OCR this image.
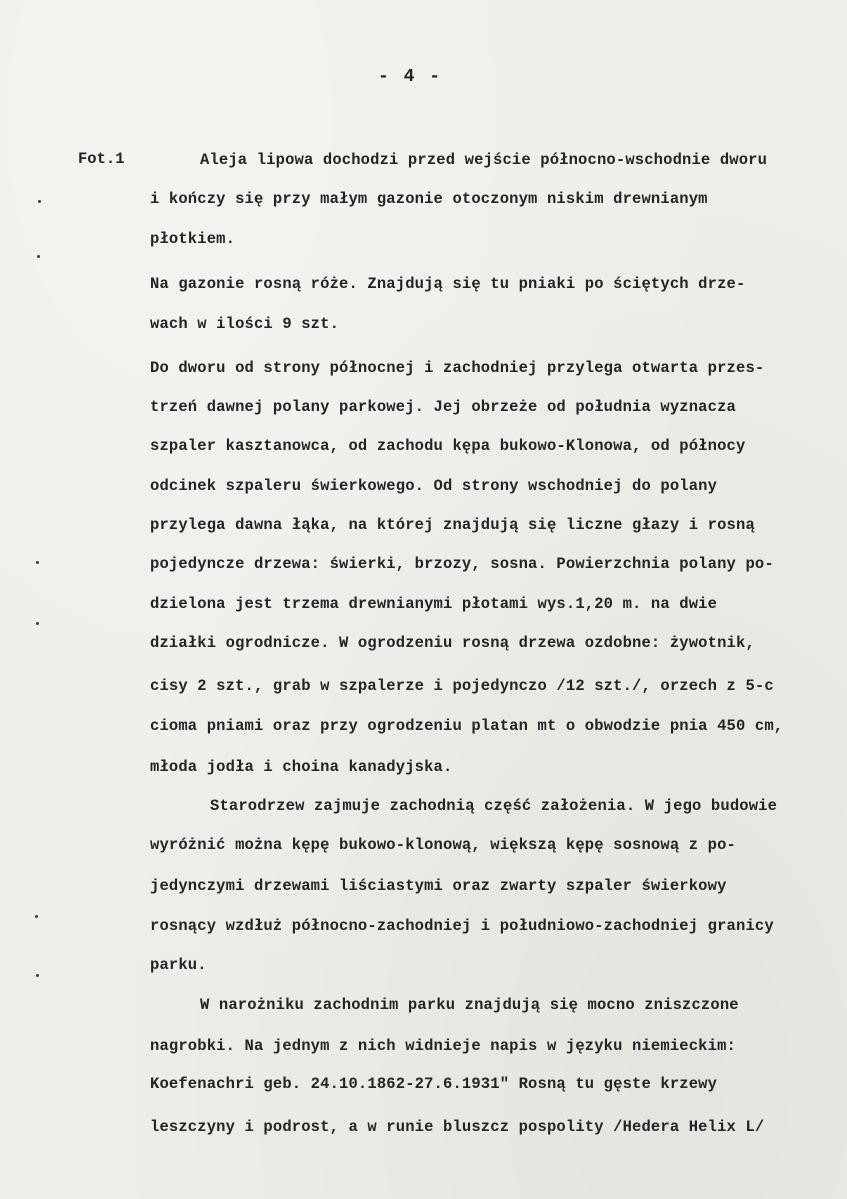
- 4 -
Fot.1	Aleja lipowa dochodzi przed wejście północno-wschodnie dworu
i kończy się przy małym gazonie otoczonym niskim drewnianym
płotkiem.
Na gazonie rosną róże. Znajdują się tu pniaki po ściętych drze-
wach w ilości 9 szt.
Do dworu od strony północnej i zachodniej przylega otwarta przes-
trzeń dawnej polany parkowej. Jej obrzeże od południa wyznacza
szpaler kasztanowca, od zachodu kępa bukowo-Klonowa, od północy
odcinek szpaleru świerkowego. Od strony wschodniej do polany
przylega dawna łąka, na której znajdują się liczne głazy i rosną
pojedyncze drzewa: świerki, brzozy, sosna. Powierzchnia polany po-
dzielona jest trzema drewnianymi płotami wys.1,20 m. na dwie
działki ogrodnicze. W ogrodzeniu rosną drzewa ozdobne: żywotnik,
cisy 2 szt., grab w szpalerze i pojedynczo /12 szt./, orzech z 5-c
cioma pniami oraz przy ogrodzeniu platan mt o obwodzie pnia 450 cm,
młoda jodła i choina kanadyjska.
Starodrzew zajmuje zachodnią część założenia. W jego budowie
wyróżnić można kępę bukowo-klonową, większą kępę sosnową z po-
jedynczymi drzewami liściastymi oraz zwarty szpaler świerkowy
rosnący wzdłuż północno-zachodniej i południowo-zachodniej granicy
parku.
W narożniku zachodnim parku znajdują się mocno zniszczone
nagrobki. Na jednym z nich widnieje napis w języku niemieckim:
Koefenachri geb. 24.10.1862-27.6.1931" Rosną tu gęste krzewy
leszczyny i podrost, a w runie bluszcz pospolity /Hedera Helix L/
